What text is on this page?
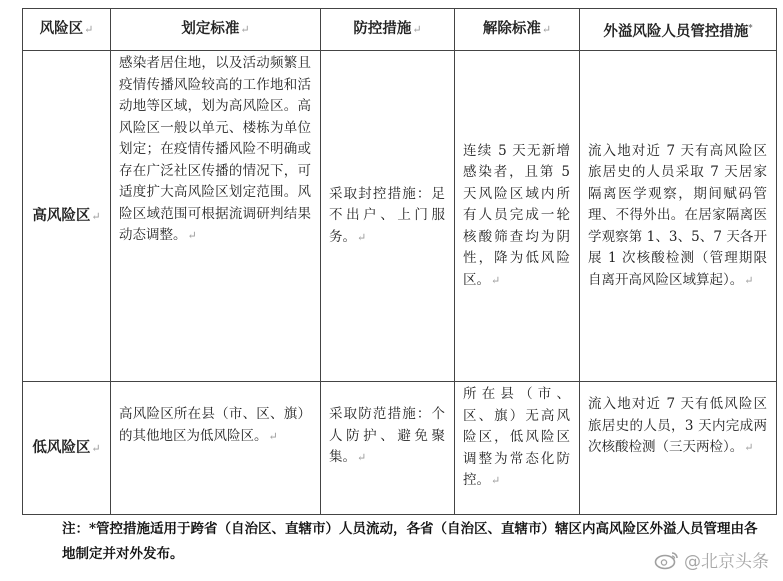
风险区↵	划定标准↵	防控措施↵	解除标准↵	外溢风险人员管控措施*
高风险区↵	感染者居住地，以及活动频繁且疫情传播风险较高的工作地和活动地等区域，划为高风险区。高风险区一般以单元、楼栋为单位划定；在疫情传播风险不明确或存在广泛社区传播的情况下，可适度扩大高风险区划定范围。风险区域范围可根据流调研判结果动态调整。↵	采取封控措施：足不出户、上门服务。↵	连续 5 天无新增感染者，且第 5 天风险区域内所有人员完成一轮核酸筛查均为阴性，降为低风险区。↵	流入地对近 7 天有高风险区旅居史的人员采取 7 天居家隔离医学观察，期间赋码管理、不得外出。在居家隔离医学观察第 1、3、5、7 天各开展 1 次核酸检测（管理期限自离开高风险区域算起）。↵

低风险区↵	高风险区所在县（市、区、旗）的其他地区为低风险区。↵	采取防范措施：个人防护、避免聚集。↵	所在县（市、区、旗）无高风险区，低风险区调整为常态化防控。↵	流入地对近 7 天有低风险区旅居史的人员，3 天内完成两次核酸检测（三天两检）。↵
注：*管控措施适用于跨省（自治区、直辖市）人员流动，各省（自治区、直辖市）辖区内高风险区外溢人员管理由各地制定并对外发布。	@北京头条
